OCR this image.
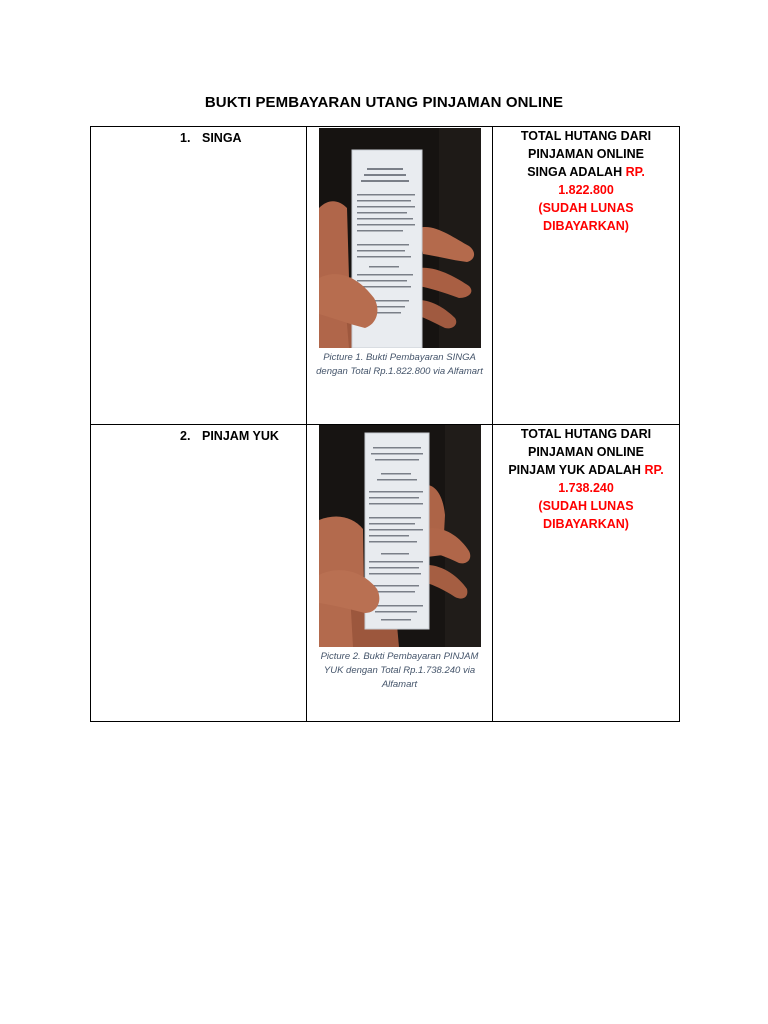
BUKTI PEMBAYARAN UTANG PINJAMAN ONLINE
1. SINGA	Picture 1. Bukti Pembayaran SINGA dengan Total Rp.1.822.800 via Alfamart	TOTAL HUTANG DARI PINJAMAN ONLINE SINGA ADALAH RP. 1.822.800
(SUDAH LUNAS DIBAYARKAN)

2. PINJAM YUK	Picture 2. Bukti Pembayaran PINJAM YUK dengan Total Rp.1.738.240 via Alfamart	TOTAL HUTANG DARI PINJAMAN ONLINE PINJAM YUK ADALAH RP. 1.738.240
(SUDAH LUNAS DIBAYARKAN)
